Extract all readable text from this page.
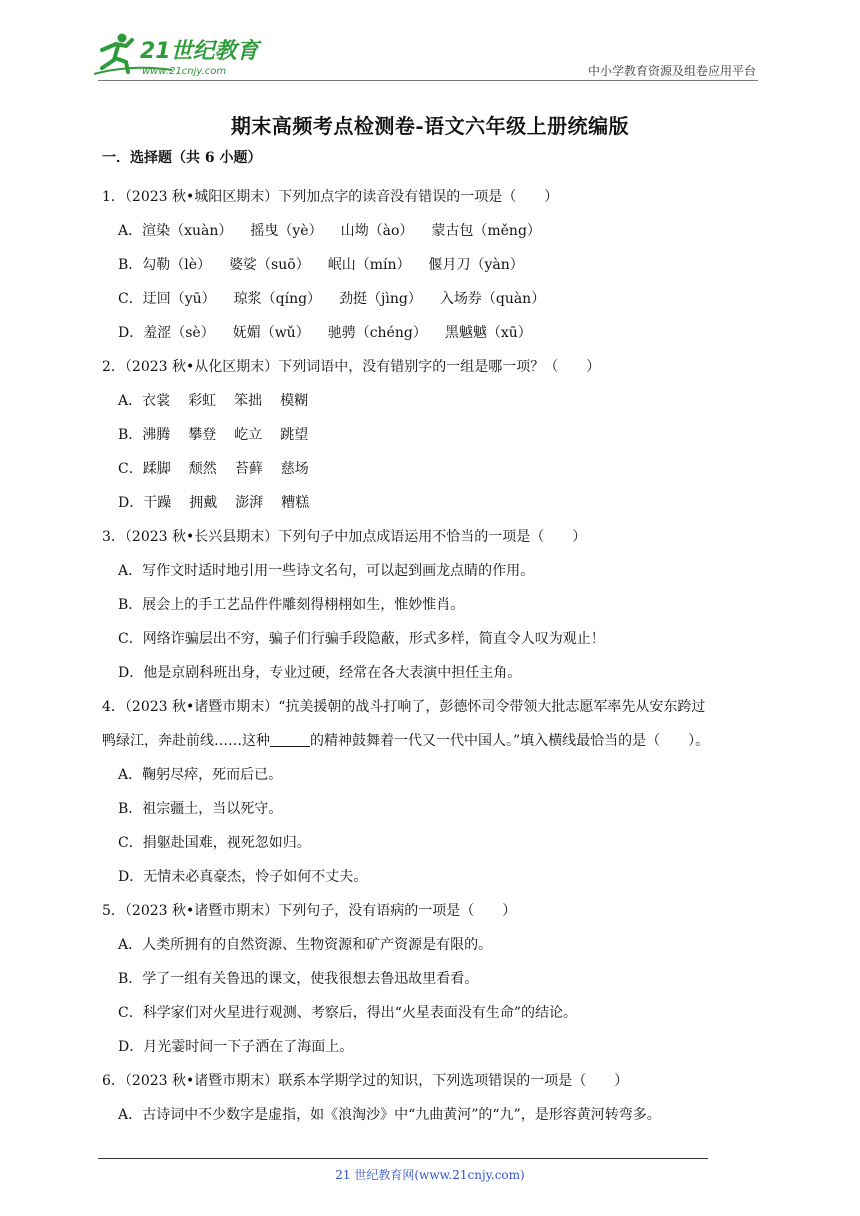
21世纪教育
www.21cnjy.com	中小学教育资源及组卷应用平台
期末高频考点检测卷-语文六年级上册统编版
一．选择题（共 6 小题）
1．（2023 秋•城阳区期末）下列加点字的读音没有错误的一项是（　　）
A．渲染（xuàn） 摇曳（yè） 山坳（ào） 蒙古包（měng）
B．勾勒（lè） 婆娑（suō） 岷山（mín） 偃月刀（yàn）
C．迂回（yū） 琼浆（qíng） 劲挺（jìng） 入场券（quàn）
D．羞涩（sè） 妩媚（wǔ） 驰骋（chéng） 黑魆魆（xū）
2．（2023 秋•从化区期末）下列词语中，没有错别字的一组是哪一项？（　　）
A．衣裳 彩虹 笨拙 模糊
B．沸腾 攀登 屹立 跳望
C．蹂脚 颓然 苔藓 慈场
D．干躁 拥戴 澎湃 糟糕
3．（2023 秋•长兴县期末）下列句子中加点成语运用不恰当的一项是（　　）
A．写作文时适时地引用一些诗文名句，可以起到画龙点睛的作用。
B．展会上的手工艺品件件雕刻得栩栩如生，惟妙惟肖。
C．网络诈骗层出不穷，骗子们行骗手段隐蔽，形式多样，简直令人叹为观止！
D．他是京剧科班出身，专业过硬，经常在各大表演中担任主角。
4．（2023 秋•诸暨市期末）“抗美援朝的战斗打响了，彭德怀司令带领大批志愿军率先从安东跨过
鸭绿江，奔赴前线……这种	的精神鼓舞着一代又一代中国人。”填入横线最恰当的是（　　）。
A．鞠躬尽瘁，死而后已。
B．祖宗疆土，当以死守。
C．捐躯赴国难，视死忽如归。
D．无情未必真豪杰，怜子如何不丈夫。
5．（2023 秋•诸暨市期末）下列句子，没有语病的一项是（　　）
A．人类所拥有的自然资源、生物资源和矿产资源是有限的。
B．学了一组有关鲁迅的课文，使我很想去鲁迅故里看看。
C．科学家们对火星进行观测、考察后，得出“火星表面没有生命”的结论。
D．月光霎时间一下子洒在了海面上。
6．（2023 秋•诸暨市期末）联系本学期学过的知识，下列选项错误的一项是（　　）
A．古诗词中不少数字是虚指，如《浪淘沙》中“九曲黄河”的“九”，是形容黄河转弯多。
21 世纪教育网(www.21cnjy.com)
